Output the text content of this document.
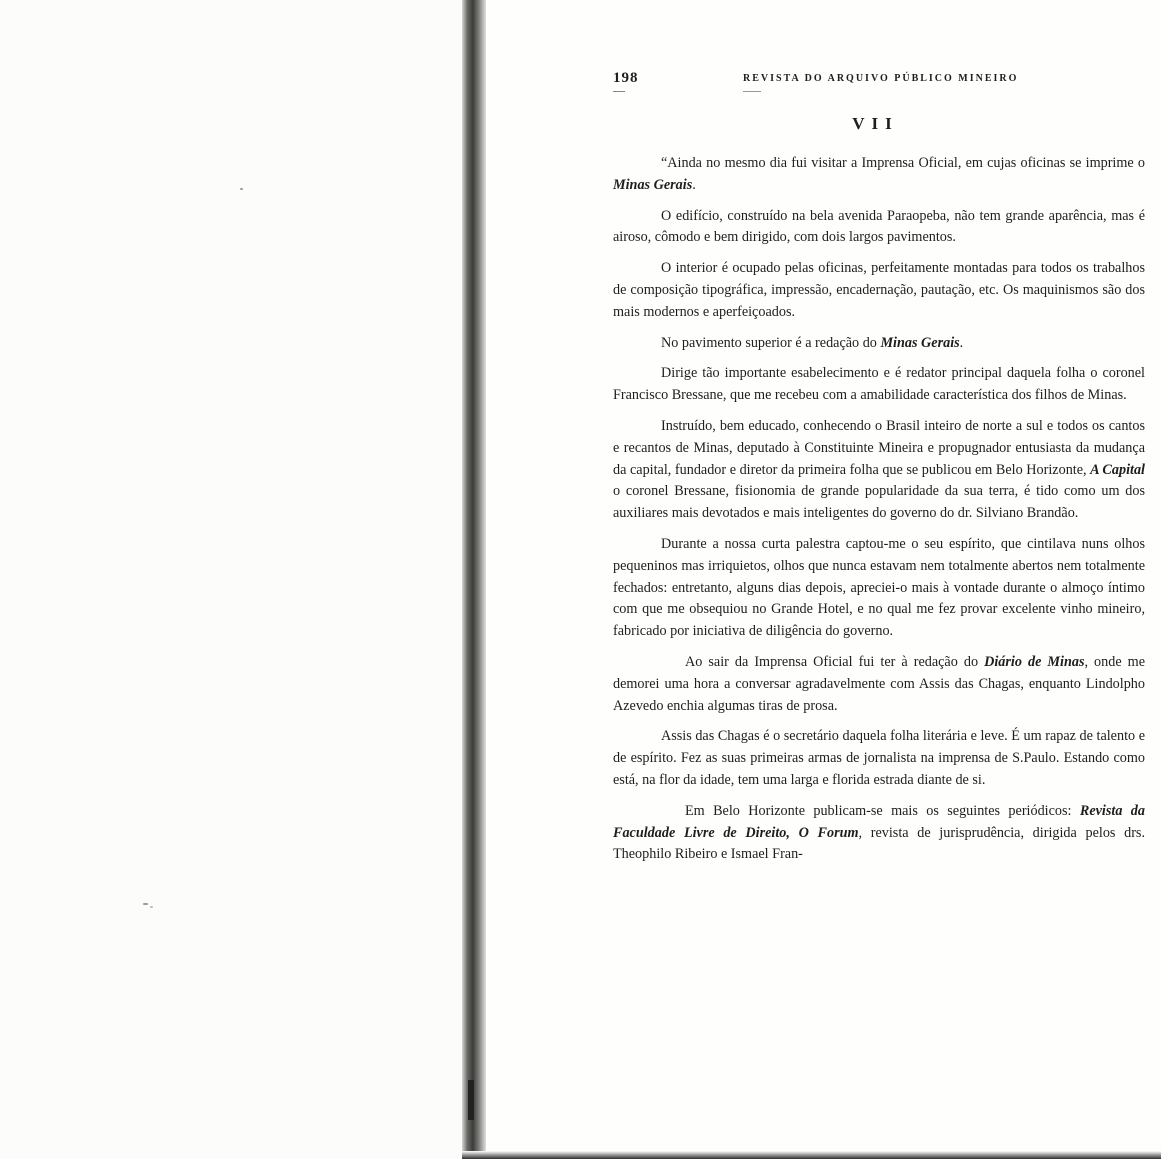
198	REVISTA DO ARQUIVO PÚBLICO MINEIRO
VII

“Ainda no mesmo dia fui visitar a Imprensa Oficial, em cujas oficinas se imprime o Minas Gerais.

O edifício, construído na bela avenida Paraopeba, não tem grande aparência, mas é airoso, cômodo e bem dirigido, com dois largos pavimentos.

O interior é ocupado pelas oficinas, perfeitamente montadas para todos os trabalhos de composição tipográfica, impressão, encadernação, pautação, etc. Os maquinismos são dos mais modernos e aperfeiçoados.

No pavimento superior é a redação do Minas Gerais.

Dirige tão importante esabelecimento e é redator principal daquela folha o coronel Francisco Bressane, que me recebeu com a amabilidade característica dos filhos de Minas.

Instruído, bem educado, conhecendo o Brasil inteiro de norte a sul e todos os cantos e recantos de Minas, deputado à Constituinte Mineira e propugnador entusiasta da mudança da capital, fundador e diretor da primeira folha que se publicou em Belo Horizonte, A Capital o coronel Bressane, fisionomia de grande popularidade da sua terra, é tido como um dos auxiliares mais devotados e mais inteligentes do governo do dr. Silviano Brandão.

Durante a nossa curta palestra captou-me o seu espírito, que cintilava nuns olhos pequeninos mas irriquietos, olhos que nunca estavam nem totalmente abertos nem totalmente fechados: entretanto, alguns dias depois, apreciei-o mais à vontade durante o almoço íntimo com que me obsequiou no Grande Hotel, e no qual me fez provar excelente vinho mineiro, fabricado por iniciativa de diligência do governo.

Ao sair da Imprensa Oficial fui ter à redação do Diário de Minas, onde me demorei uma hora a conversar agradavelmente com Assis das Chagas, enquanto Lindolpho Azevedo enchia algumas tiras de prosa.

Assis das Chagas é o secretário daquela folha literária e leve. É um rapaz de talento e de espírito. Fez as suas primeiras armas de jornalista na imprensa de S.Paulo. Estando como está, na flor da idade, tem uma larga e florida estrada diante de si.

Em Belo Horizonte publicam-se mais os seguintes periódicos: Revista da Faculdade Livre de Direito, O Forum, revista de jurisprudência, dirigida pelos drs. Theophilo Ribeiro e Ismael Fran-
